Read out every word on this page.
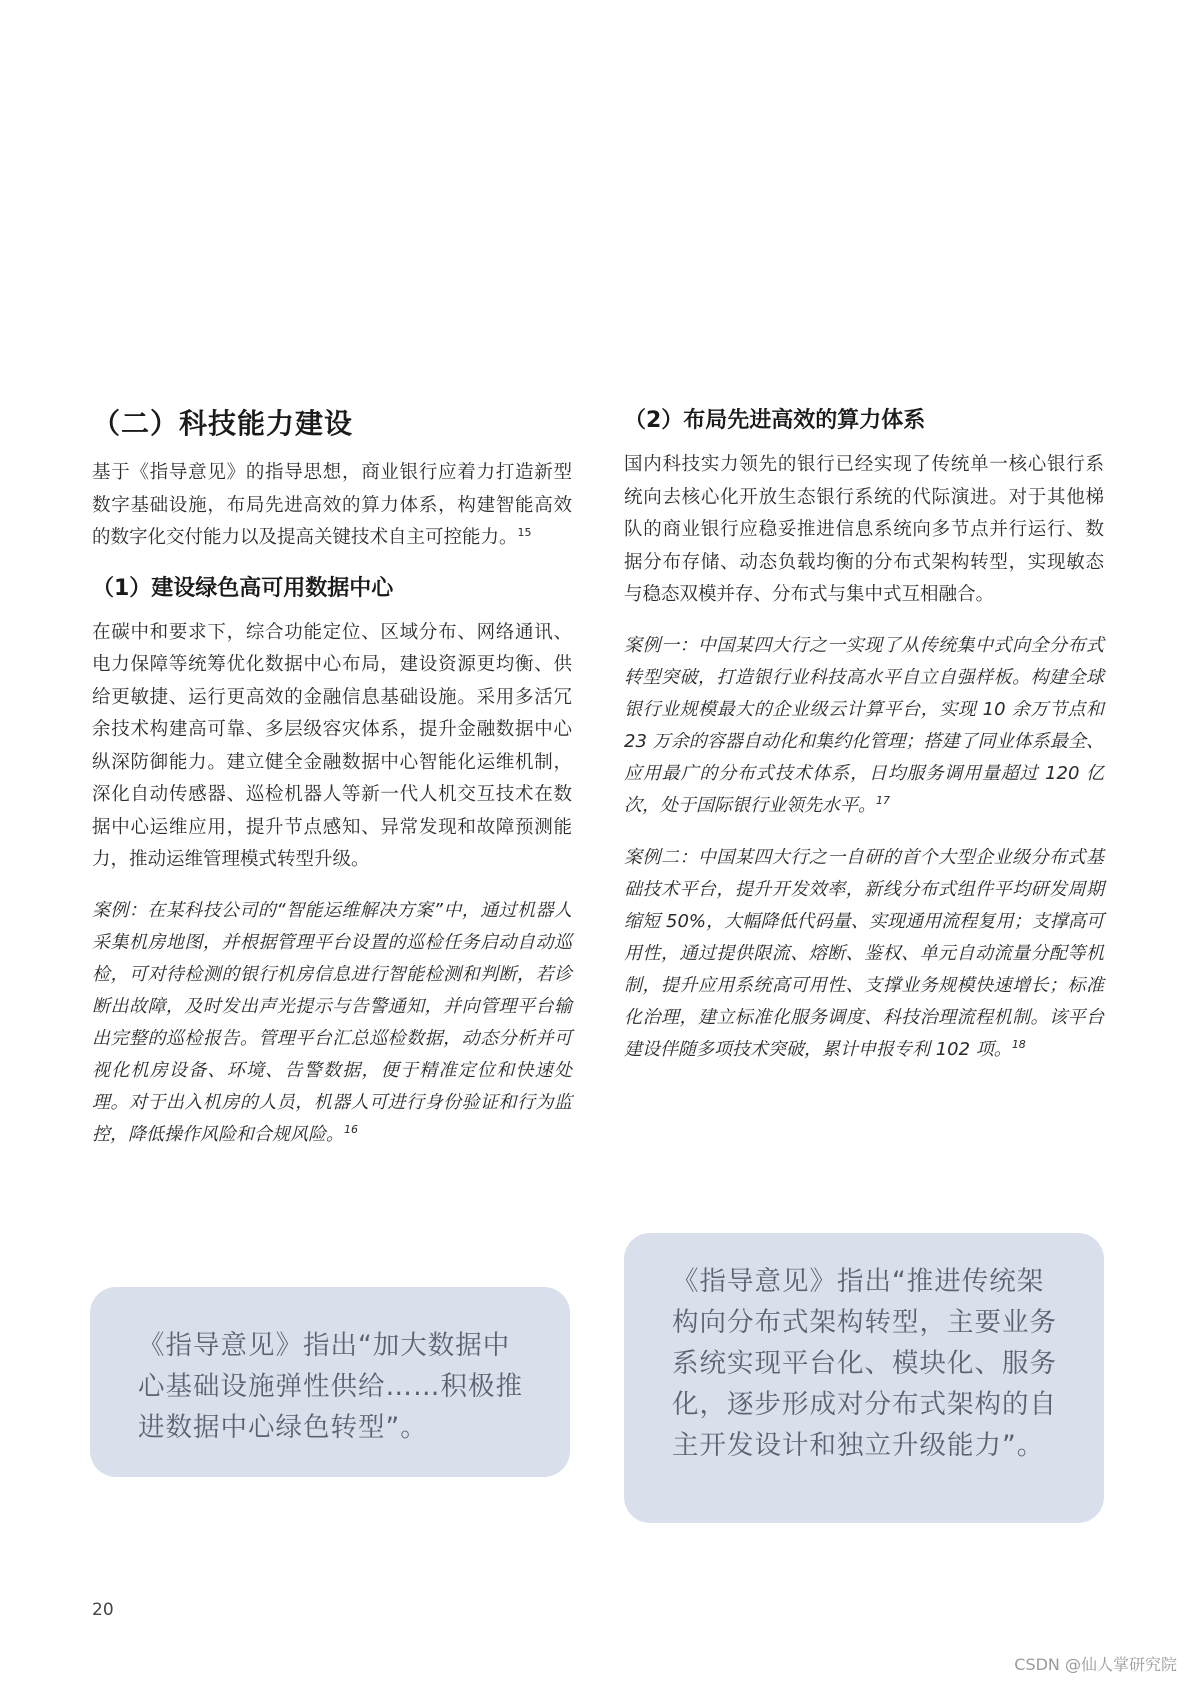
（二）科技能力建设

基于《指导意见》的指导思想，商业银行应着力打造新型数字基础设施，布局先进高效的算力体系，构建智能高效的数字化交付能力以及提高关键技术自主可控能力。$^{15}$

（1）建设绿色高可用数据中心

在碳中和要求下，综合功能定位、区域分布、网络通讯、电力保障等统筹优化数据中心布局，建设资源更均衡、供给更敏捷、运行更高效的金融信息基础设施。采用多活冗余技术构建高可靠、多层级容灾体系，提升金融数据中心纵深防御能力。建立健全金融数据中心智能化运维机制，深化自动传感器、巡检机器人等新一代人机交互技术在数据中心运维应用，提升节点感知、异常发现和故障预测能力，推动运维管理模式转型升级。

案例：在某科技公司的“智能运维解决方案”中，通过机器人采集机房地图，并根据管理平台设置的巡检任务启动自动巡检，可对待检测的银行机房信息进行智能检测和判断，若诊断出故障，及时发出声光提示与告警通知，并向管理平台输出完整的巡检报告。管理平台汇总巡检数据，动态分析并可视化机房设备、环境、告警数据，便于精准定位和快速处理。对于出入机房的人员，机器人可进行身份验证和行为监控，降低操作风险和合规风险。$^{16}$

《指导意见》指出“加大数据中心基础设施弹性供给……积极推进数据中心绿色转型”。
（2）布局先进高效的算力体系

国内科技实力领先的银行已经实现了传统单一核心银行系统向去核心化开放生态银行系统的代际演进。对于其他梯队的商业银行应稳妥推进信息系统向多节点并行运行、数据分布存储、动态负载均衡的分布式架构转型，实现敏态与稳态双模并存、分布式与集中式互相融合。

案例一：中国某四大行之一实现了从传统集中式向全分布式转型突破，打造银行业科技高水平自立自强样板。构建全球银行业规模最大的企业级云计算平台，实现 10 余万节点和 23 万余的容器自动化和集约化管理；搭建了同业体系最全、应用最广的分布式技术体系，日均服务调用量超过 120 亿次，处于国际银行业领先水平。$^{17}$

案例二：中国某四大行之一自研的首个大型企业级分布式基础技术平台，提升开发效率，新线分布式组件平均研发周期缩短 50%，大幅降低代码量、实现通用流程复用；支撑高可用性，通过提供限流、熔断、鉴权、单元自动流量分配等机制，提升应用系统高可用性、支撑业务规模快速增长；标准化治理，建立标准化服务调度、科技治理流程机制。该平台建设伴随多项技术突破，累计申报专利 102 项。$^{18}$

《指导意见》指出“推进传统架构向分布式架构转型，主要业务系统实现平台化、模块化、服务化，逐步形成对分布式架构的自主开发设计和独立升级能力”。
20
CSDN @仙人掌研究院
